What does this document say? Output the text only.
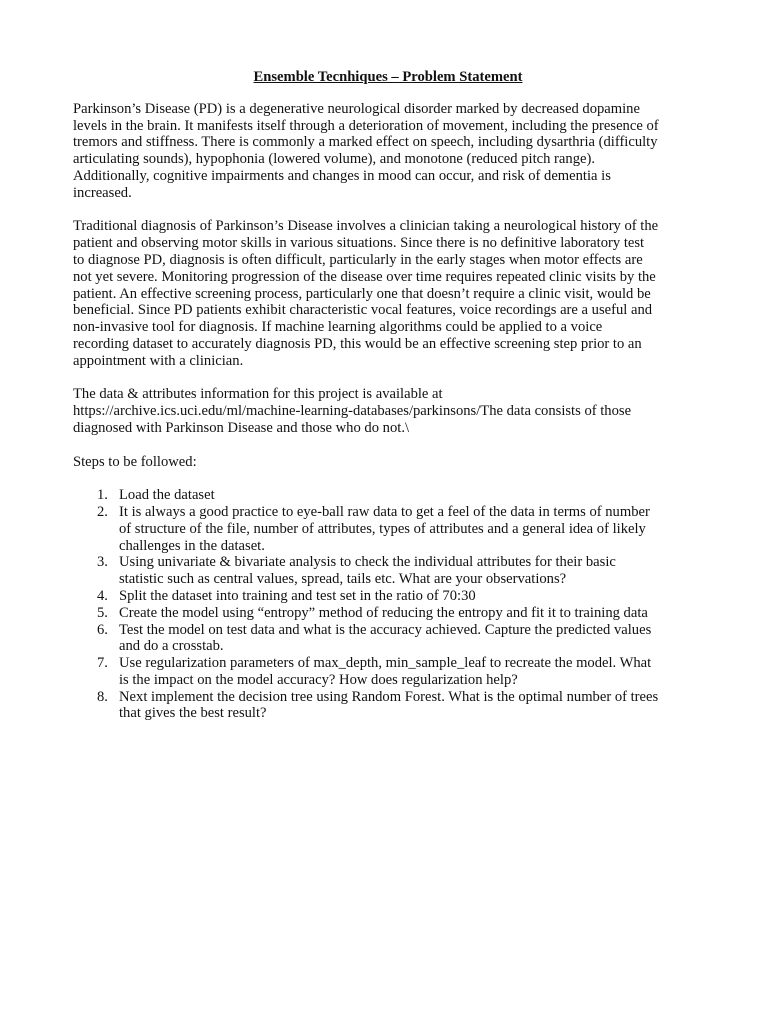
Ensemble Tecnhiques – Problem Statement

Parkinson’s Disease (PD) is a degenerative neurological disorder marked by decreased dopamine
levels in the brain. It manifests itself through a deterioration of movement, including the presence of
tremors and stiffness. There is commonly a marked effect on speech, including dysarthria (difficulty
articulating sounds), hypophonia (lowered volume), and monotone (reduced pitch range).
Additionally, cognitive impairments and changes in mood can occur, and risk of dementia is
increased.

Traditional diagnosis of Parkinson’s Disease involves a clinician taking a neurological history of the
patient and observing motor skills in various situations. Since there is no definitive laboratory test
to diagnose PD, diagnosis is often difficult, particularly in the early stages when motor effects are
not yet severe. Monitoring progression of the disease over time requires repeated clinic visits by the
patient. An effective screening process, particularly one that doesn’t require a clinic visit, would be
beneficial. Since PD patients exhibit characteristic vocal features, voice recordings are a useful and
non-invasive tool for diagnosis. If machine learning algorithms could be applied to a voice
recording dataset to accurately diagnosis PD, this would be an effective screening step prior to an
appointment with a clinician.

The data & attributes information for this project is available at
https://archive.ics.uci.edu/ml/machine-learning-databases/parkinsons/The data consists of those
diagnosed with Parkinson Disease and those who do not.\

Steps to be followed:

1. Load the dataset
2. It is always a good practice to eye-ball raw data to get a feel of the data in terms of number
of structure of the file, number of attributes, types of attributes and a general idea of likely
challenges in the dataset.
3. Using univariate & bivariate analysis to check the individual attributes for their basic
statistic such as central values, spread, tails etc. What are your observations?
4. Split the dataset into training and test set in the ratio of 70:30
5. Create the model using “entropy” method of reducing the entropy and fit it to training data
6. Test the model on test data and what is the accuracy achieved. Capture the predicted values
and do a crosstab.
7. Use regularization parameters of max_depth, min_sample_leaf to recreate the model. What
is the impact on the model accuracy? How does regularization help?
8. Next implement the decision tree using Random Forest. What is the optimal number of trees
that gives the best result?
